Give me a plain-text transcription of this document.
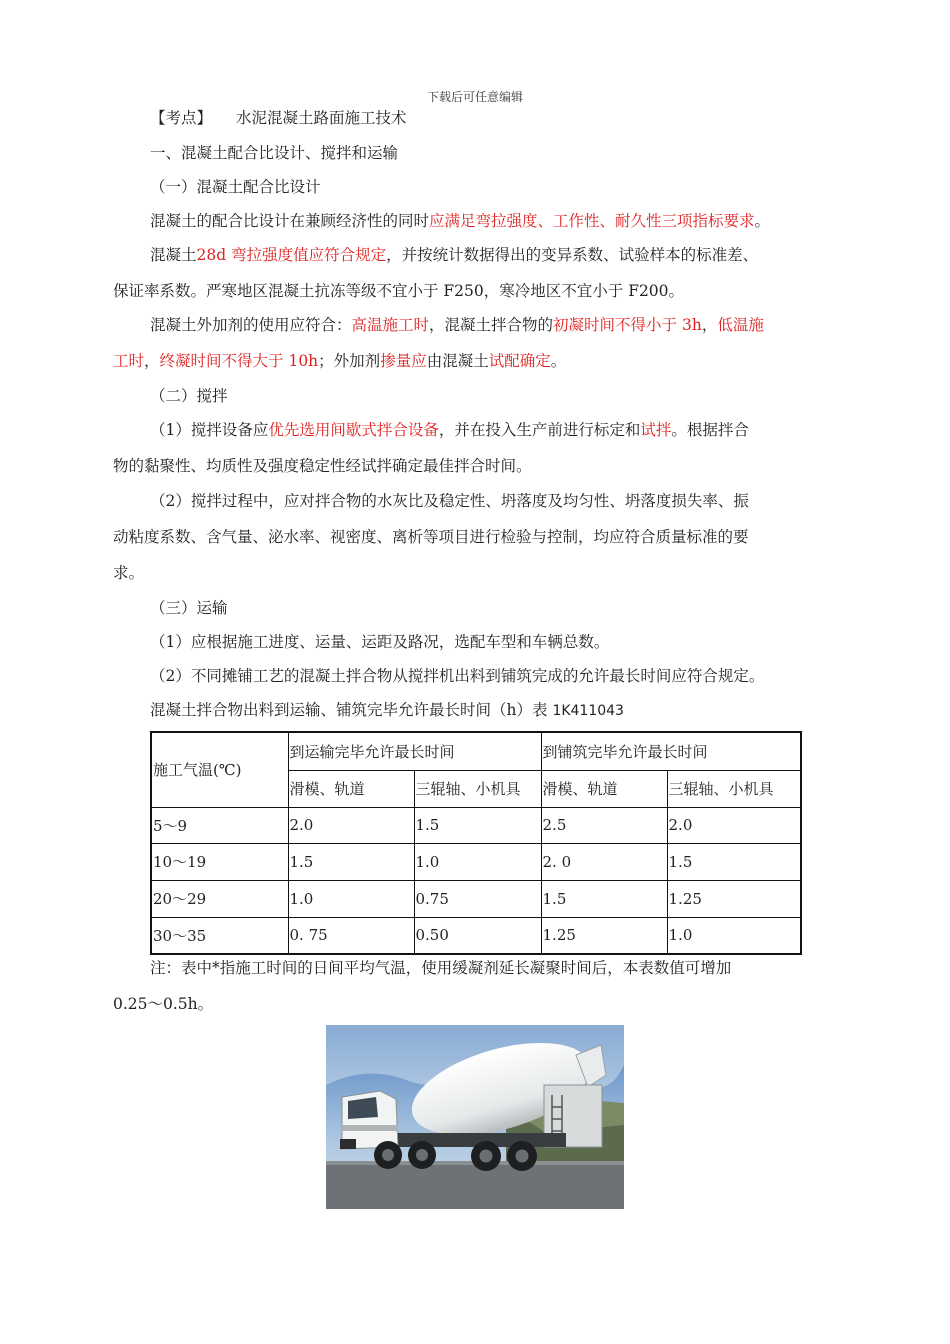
下载后可任意编辑
【考点】 水泥混凝土路面施工技术
一、混凝土配合比设计、搅拌和运输
（一）混凝土配合比设计
混凝土的配合比设计在兼顾经济性的同时应满足弯拉强度、工作性、耐久性三项指标要求。
混凝土28d 弯拉强度值应符合规定，并按统计数据得出的变异系数、试验样本的标准差、
保证率系数。严寒地区混凝土抗冻等级不宜小于 F250，寒冷地区不宜小于 F200。
混凝土外加剂的使用应符合：高温施工时，混凝土拌合物的初凝时间不得小于 3h，低温施
工时，终凝时间不得大于 10h；外加剂掺量应由混凝土试配确定。
（二）搅拌
（1）搅拌设备应优先选用间歇式拌合设备，并在投入生产前进行标定和试拌。根据拌合
物的黏聚性、均质性及强度稳定性经试拌确定最佳拌合时间。
（2）搅拌过程中，应对拌合物的水灰比及稳定性、坍落度及均匀性、坍落度损失率、振
动粘度系数、含气量、泌水率、视密度、离析等项目进行检验与控制，均应符合质量标准的要
求。
（三）运输
（1）应根据施工进度、运量、运距及路况，选配车型和车辆总数。
（2）不同摊铺工艺的混凝土拌合物从搅拌机出料到铺筑完成的允许最长时间应符合规定。
混凝土拌合物出料到运输、铺筑完毕允许最长时间（h）表 1K411043
施工气温(℃)	到运输完毕允许最长时间		到铺筑完毕允许最长时间	
	滑模、轨道	三辊轴、小机具	滑模、轨道	三辊轴、小机具
5～9	2.0	1.5	2.5	2.0
10～19	1.5	1.0	2. 0	1.5
20～29	1.0	0.75	1.5	1.25
30～35	0. 75	0.50	1.25	1.0
注：表中*指施工时间的日间平均气温，使用缓凝剂延长凝聚时间后，本表数值可增加
0.25～0.5h。
